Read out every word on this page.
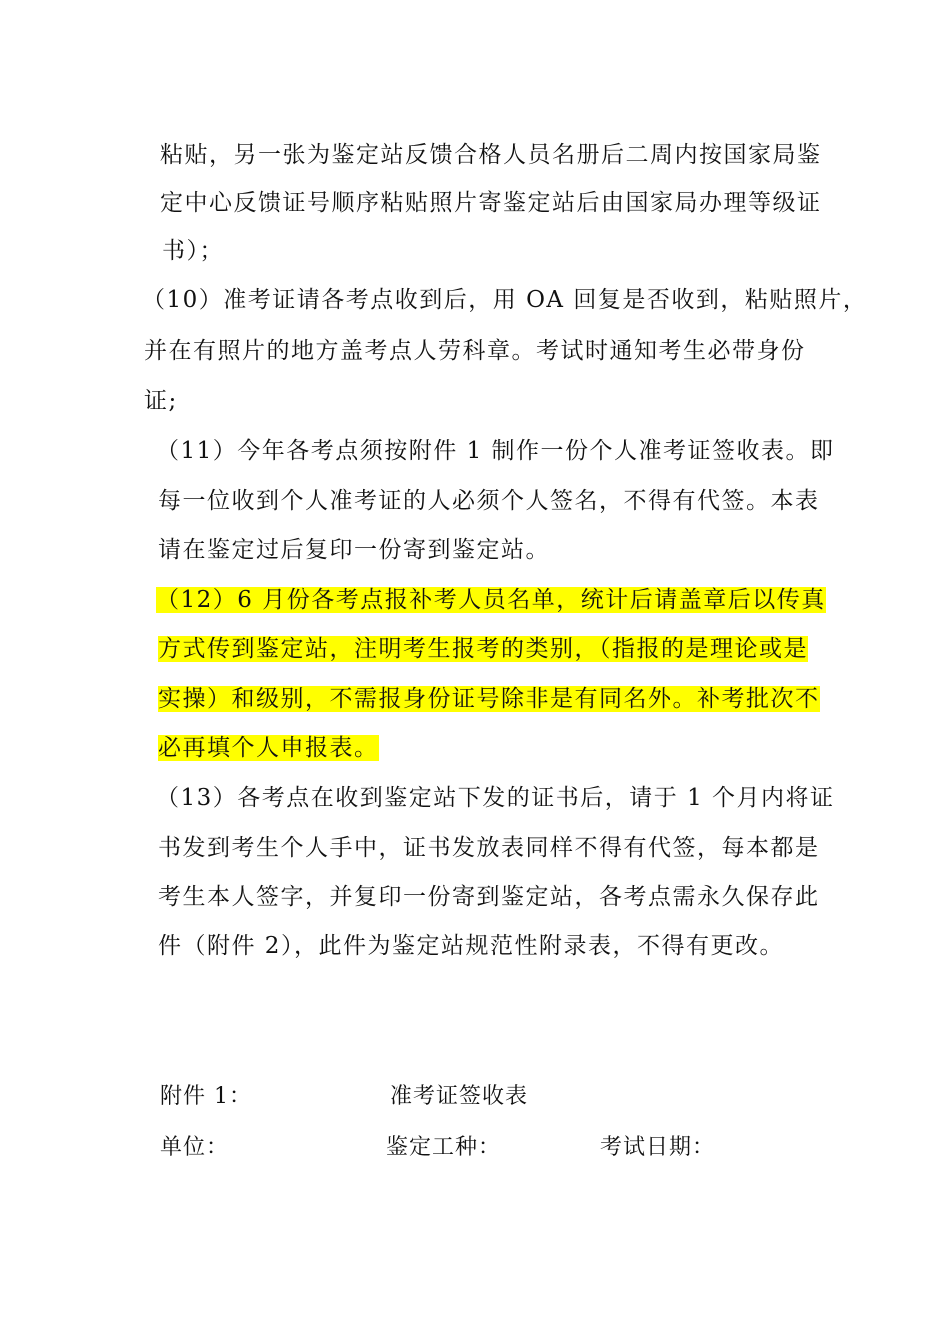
粘贴，另一张为鉴定站反馈合格人员名册后二周内按国家局鉴
定中心反馈证号顺序粘贴照片寄鉴定站后由国家局办理等级证
书）；
（10）准考证请各考点收到后，用 OA 回复是否收到，粘贴照片，
并在有照片的地方盖考点人劳科章。考试时通知考生必带身份
证;
（11）今年各考点须按附件 1 制作一份个人准考证签收表。即
每一位收到个人准考证的人必须个人签名，不得有代签。本表
请在鉴定过后复印一份寄到鉴定站。
（12）6 月份各考点报补考人员名单，统计后请盖章后以传真
方式传到鉴定站，注明考生报考的类别，（指报的是理论或是
实操）和级别，不需报身份证号除非是有同名外。补考批次不
必再填个人申报表。
（13）各考点在收到鉴定站下发的证书后，请于 1 个月内将证
书发到考生个人手中，证书发放表同样不得有代签，每本都是
考生本人签字，并复印一份寄到鉴定站，各考点需永久保存此
件（附件 2），此件为鉴定站规范性附录表，不得有更改。
附件 1：	准考证签收表
单位：	鉴定工种：	考试日期：
